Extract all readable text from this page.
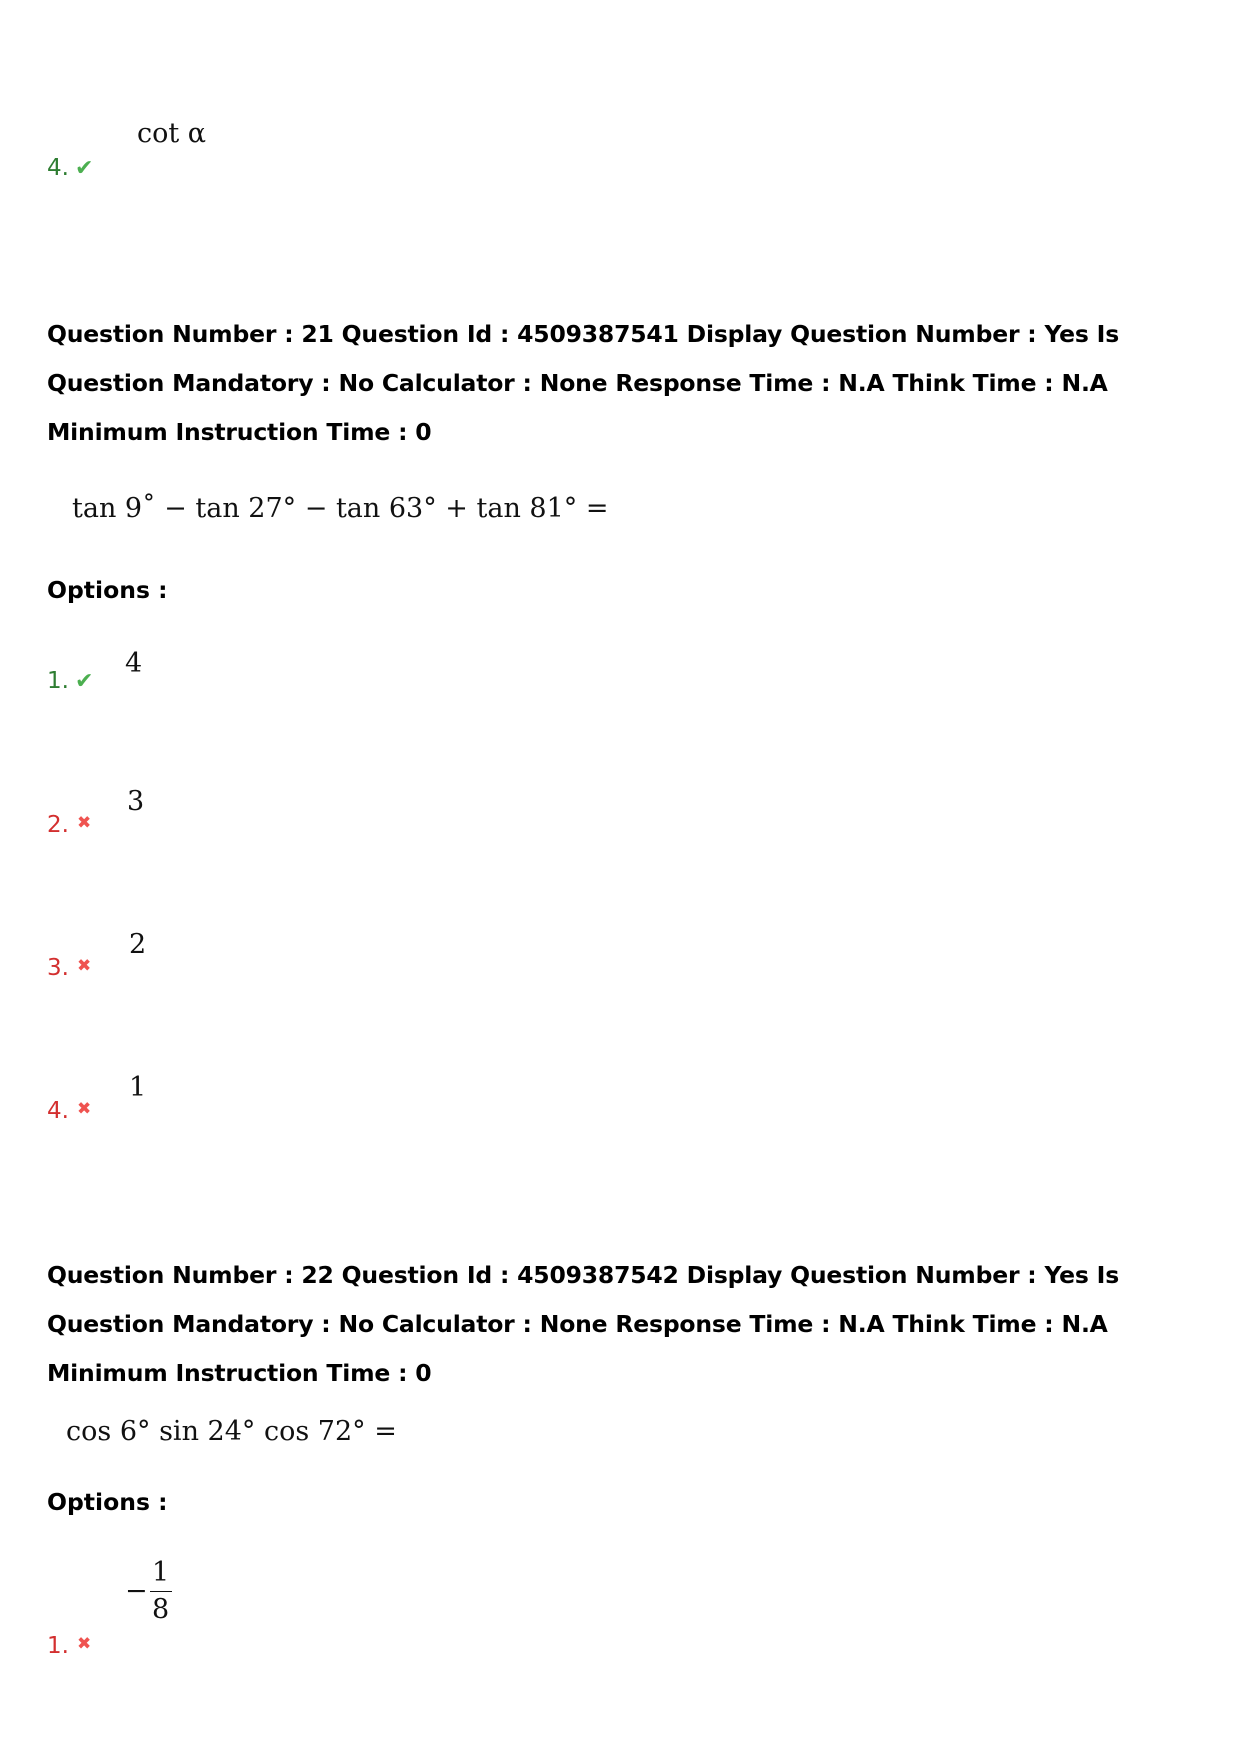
cot α
4. ✔
Question Number : 21 Question Id : 4509387541 Display Question Number : Yes Is Question Mandatory : No Calculator : None Response Time : N.A Think Time : N.A Minimum Instruction Time : 0
tan 9˚ − tan 27° − tan 63° + tan 81° =
Options :
4
1. ✔
3
2. ✖
2
3. ✖
1
4. ✖
Question Number : 22 Question Id : 4509387542 Display Question Number : Yes Is Question Mandatory : No Calculator : None Response Time : N.A Think Time : N.A Minimum Instruction Time : 0
cos 6° sin 24° cos 72° =
Options :
− $\frac{1}{8}$
1. ✖
